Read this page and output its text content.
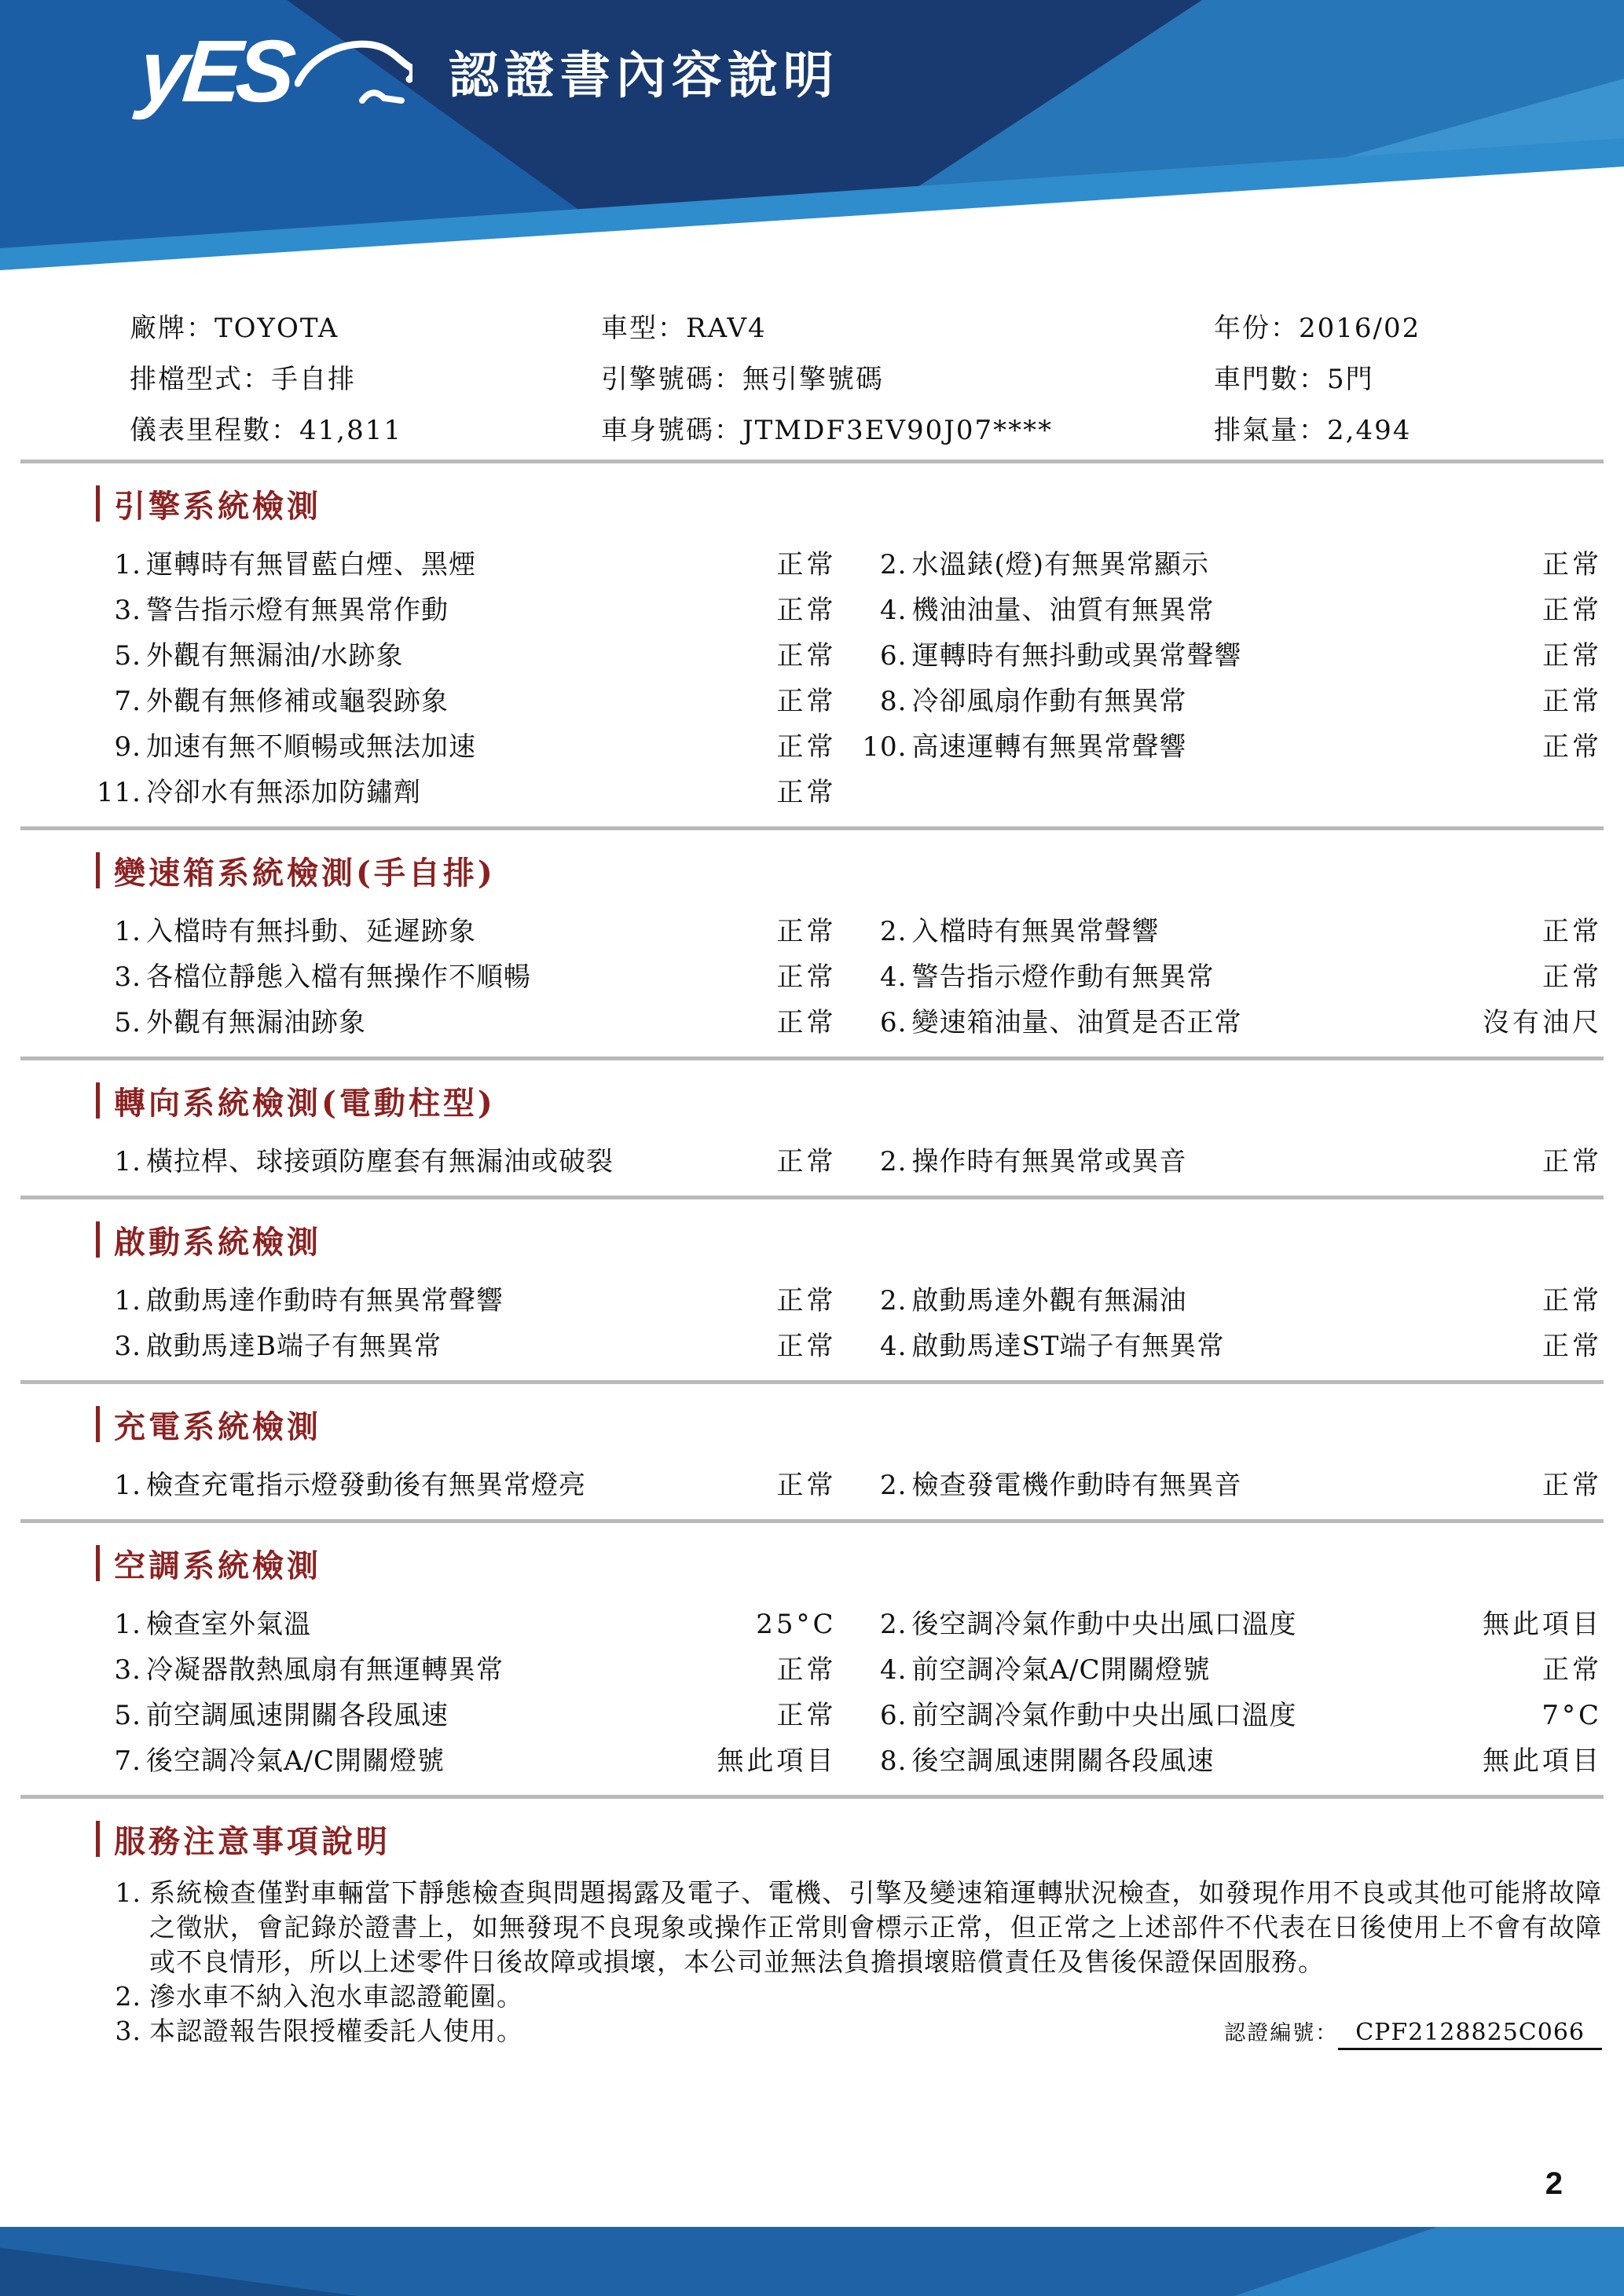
yES	認證書內容說明
廠牌：TOYOTA	車型：RAV4	年份：2016/02
排檔型式：手自排	引擎號碼：無引擎號碼	車門數：5門
儀表里程數：41,811	車身號碼：JTMDF3EV90J07****	排氣量：2,494
引擎系統檢測
1. 運轉時有無冒藍白煙、黑煙	正常	2. 水溫錶(燈)有無異常顯示	正常
3. 警告指示燈有無異常作動	正常	4. 機油油量、油質有無異常	正常
5. 外觀有無漏油/水跡象	正常	6. 運轉時有無抖動或異常聲響	正常
7. 外觀有無修補或龜裂跡象	正常	8. 冷卻風扇作動有無異常	正常
9. 加速有無不順暢或無法加速	正常 10. 高速運轉有無異常聲響	正常
11. 冷卻水有無添加防鏽劑	正常
變速箱系統檢測(手自排)
1. 入檔時有無抖動、延遲跡象	正常	2. 入檔時有無異常聲響	正常
3. 各檔位靜態入檔有無操作不順暢	正常	4. 警告指示燈作動有無異常	正常
5. 外觀有無漏油跡象	正常	6. 變速箱油量、油質是否正常	沒有油尺
轉向系統檢測(電動柱型)
1. 橫拉桿、球接頭防塵套有無漏油或破裂	正常	2. 操作時有無異常或異音	正常
啟動系統檢測
1. 啟動馬達作動時有無異常聲響	正常	2. 啟動馬達外觀有無漏油	正常
3. 啟動馬達B端子有無異常	正常	4. 啟動馬達ST端子有無異常	正常
充電系統檢測
1. 檢查充電指示燈發動後有無異常燈亮	正常	2. 檢查發電機作動時有無異音	正常
空調系統檢測
1. 檢查室外氣溫	25°C	2. 後空調冷氣作動中央出風口溫度	無此項目
3. 冷凝器散熱風扇有無運轉異常	正常	4. 前空調冷氣A/C開關燈號	正常
5. 前空調風速開關各段風速	正常	6. 前空調冷氣作動中央出風口溫度	7°C
7. 後空調冷氣A/C開關燈號	無此項目	8. 後空調風速開關各段風速	無此項目
服務注意事項說明
1. 系統檢查僅對車輛當下靜態檢查與問題揭露及電子、電機、引擎及變速箱運轉狀況檢查，如發現作用不良或其他可能將故障之徵狀，會記錄於證書上，如無發現不良現象或操作正常則會標示正常，但正常之上述部件不代表在日後使用上不會有故障或不良情形，所以上述零件日後故障或損壞，本公司並無法負擔損壞賠償責任及售後保證保固服務。
2. 滲水車不納入泡水車認證範圍。
3. 本認證報告限授權委託人使用。	認證編號： CPF2128825C066
2
